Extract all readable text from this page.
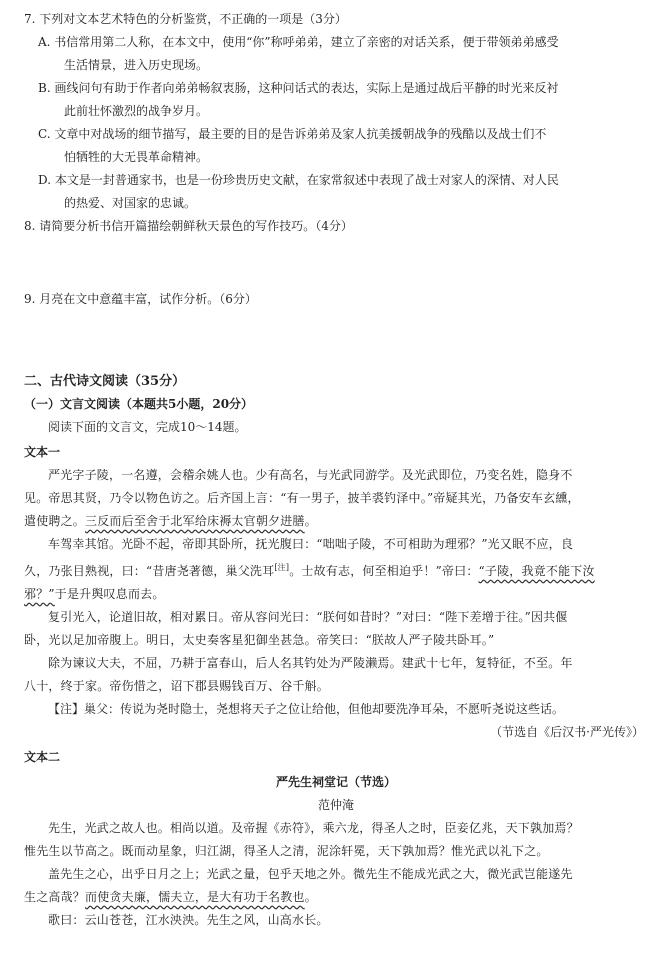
7. 下列对文本艺术特色的分析鉴赏，不正确的一项是（3分）

A. 书信常用第二人称，在本文中，使用“你”称呼弟弟，建立了亲密的对话关系，便于带领弟弟感受

生活情景，进入历史现场。

B. 画线问句有助于作者向弟弟畅叙衷肠，这种问话式的表达，实际上是通过战后平静的时光来反衬

此前壮怀激烈的战争岁月。

C. 文章中对战场的细节描写，最主要的目的是告诉弟弟及家人抗美援朝战争的残酷以及战士们不

怕牺牲的大无畏革命精神。

D. 本文是一封普通家书，也是一份珍贵历史文献，在家常叙述中表现了战士对家人的深情、对人民

的热爱、对国家的忠诚。

8. 请简要分析书信开篇描绘朝鲜秋天景色的写作技巧。（4分）

9. 月亮在文中意蕴丰富，试作分析。（6分）

二、古代诗文阅读（35分）

（一）文言文阅读（本题共5小题，20分）

阅读下面的文言文，完成10～14题。

文本一

严光字子陵，一名遵，会稽余姚人也。少有高名，与光武同游学。及光武即位，乃变名姓，隐身不

见。帝思其贤，乃令以物色访之。后齐国上言：“有一男子，披羊裘钓泽中。”帝疑其光，乃备安车玄纁，

遣使聘之。三反而后至舍于北军给床褥太官朝夕进膳。

车驾幸其馆。光卧不起，帝即其卧所，抚光腹曰：“咄咄子陵，不可相助为理邪？”光又眠不应，良

久，乃张目熟视，曰：“昔唐尧著德，巢父洗耳[注]。士故有志，何至相迫乎！”帝曰：“子陵，我竟不能下汝

邪？”于是升舆叹息而去。

复引光入，论道旧故，相对累日。帝从容问光曰：“朕何如昔时？”对曰：“陛下差增于往。”因共偃

卧，光以足加帝腹上。明日，太史奏客星犯御坐甚急。帝笑曰：“朕故人严子陵共卧耳。”

除为谏议大夫，不屈，乃耕于富春山，后人名其钓处为严陵濑焉。建武十七年，复特征，不至。年

八十，终于家。帝伤惜之，诏下郡县赐钱百万、谷千斛。

【注】巢父：传说为尧时隐士，尧想将天子之位让给他，但他却要洗净耳朵，不愿听尧说这些话。

（节选自《后汉书·严光传》）

文本二

严先生祠堂记（节选）

范仲淹

先生，光武之故人也。相尚以道。及帝握《赤符》，乘六龙，得圣人之时，臣妾亿兆，天下孰加焉？

惟先生以节高之。既而动星象，归江湖，得圣人之清，泥涂轩冕，天下孰加焉？惟光武以礼下之。

盖先生之心，出乎日月之上；光武之量，包乎天地之外。微先生不能成光武之大，微光武岂能遂先

生之高哉？而使贪夫廉，懦夫立，是大有功于名教也。

歌曰：云山苍苍，江水泱泱。先生之风，山高水长。
